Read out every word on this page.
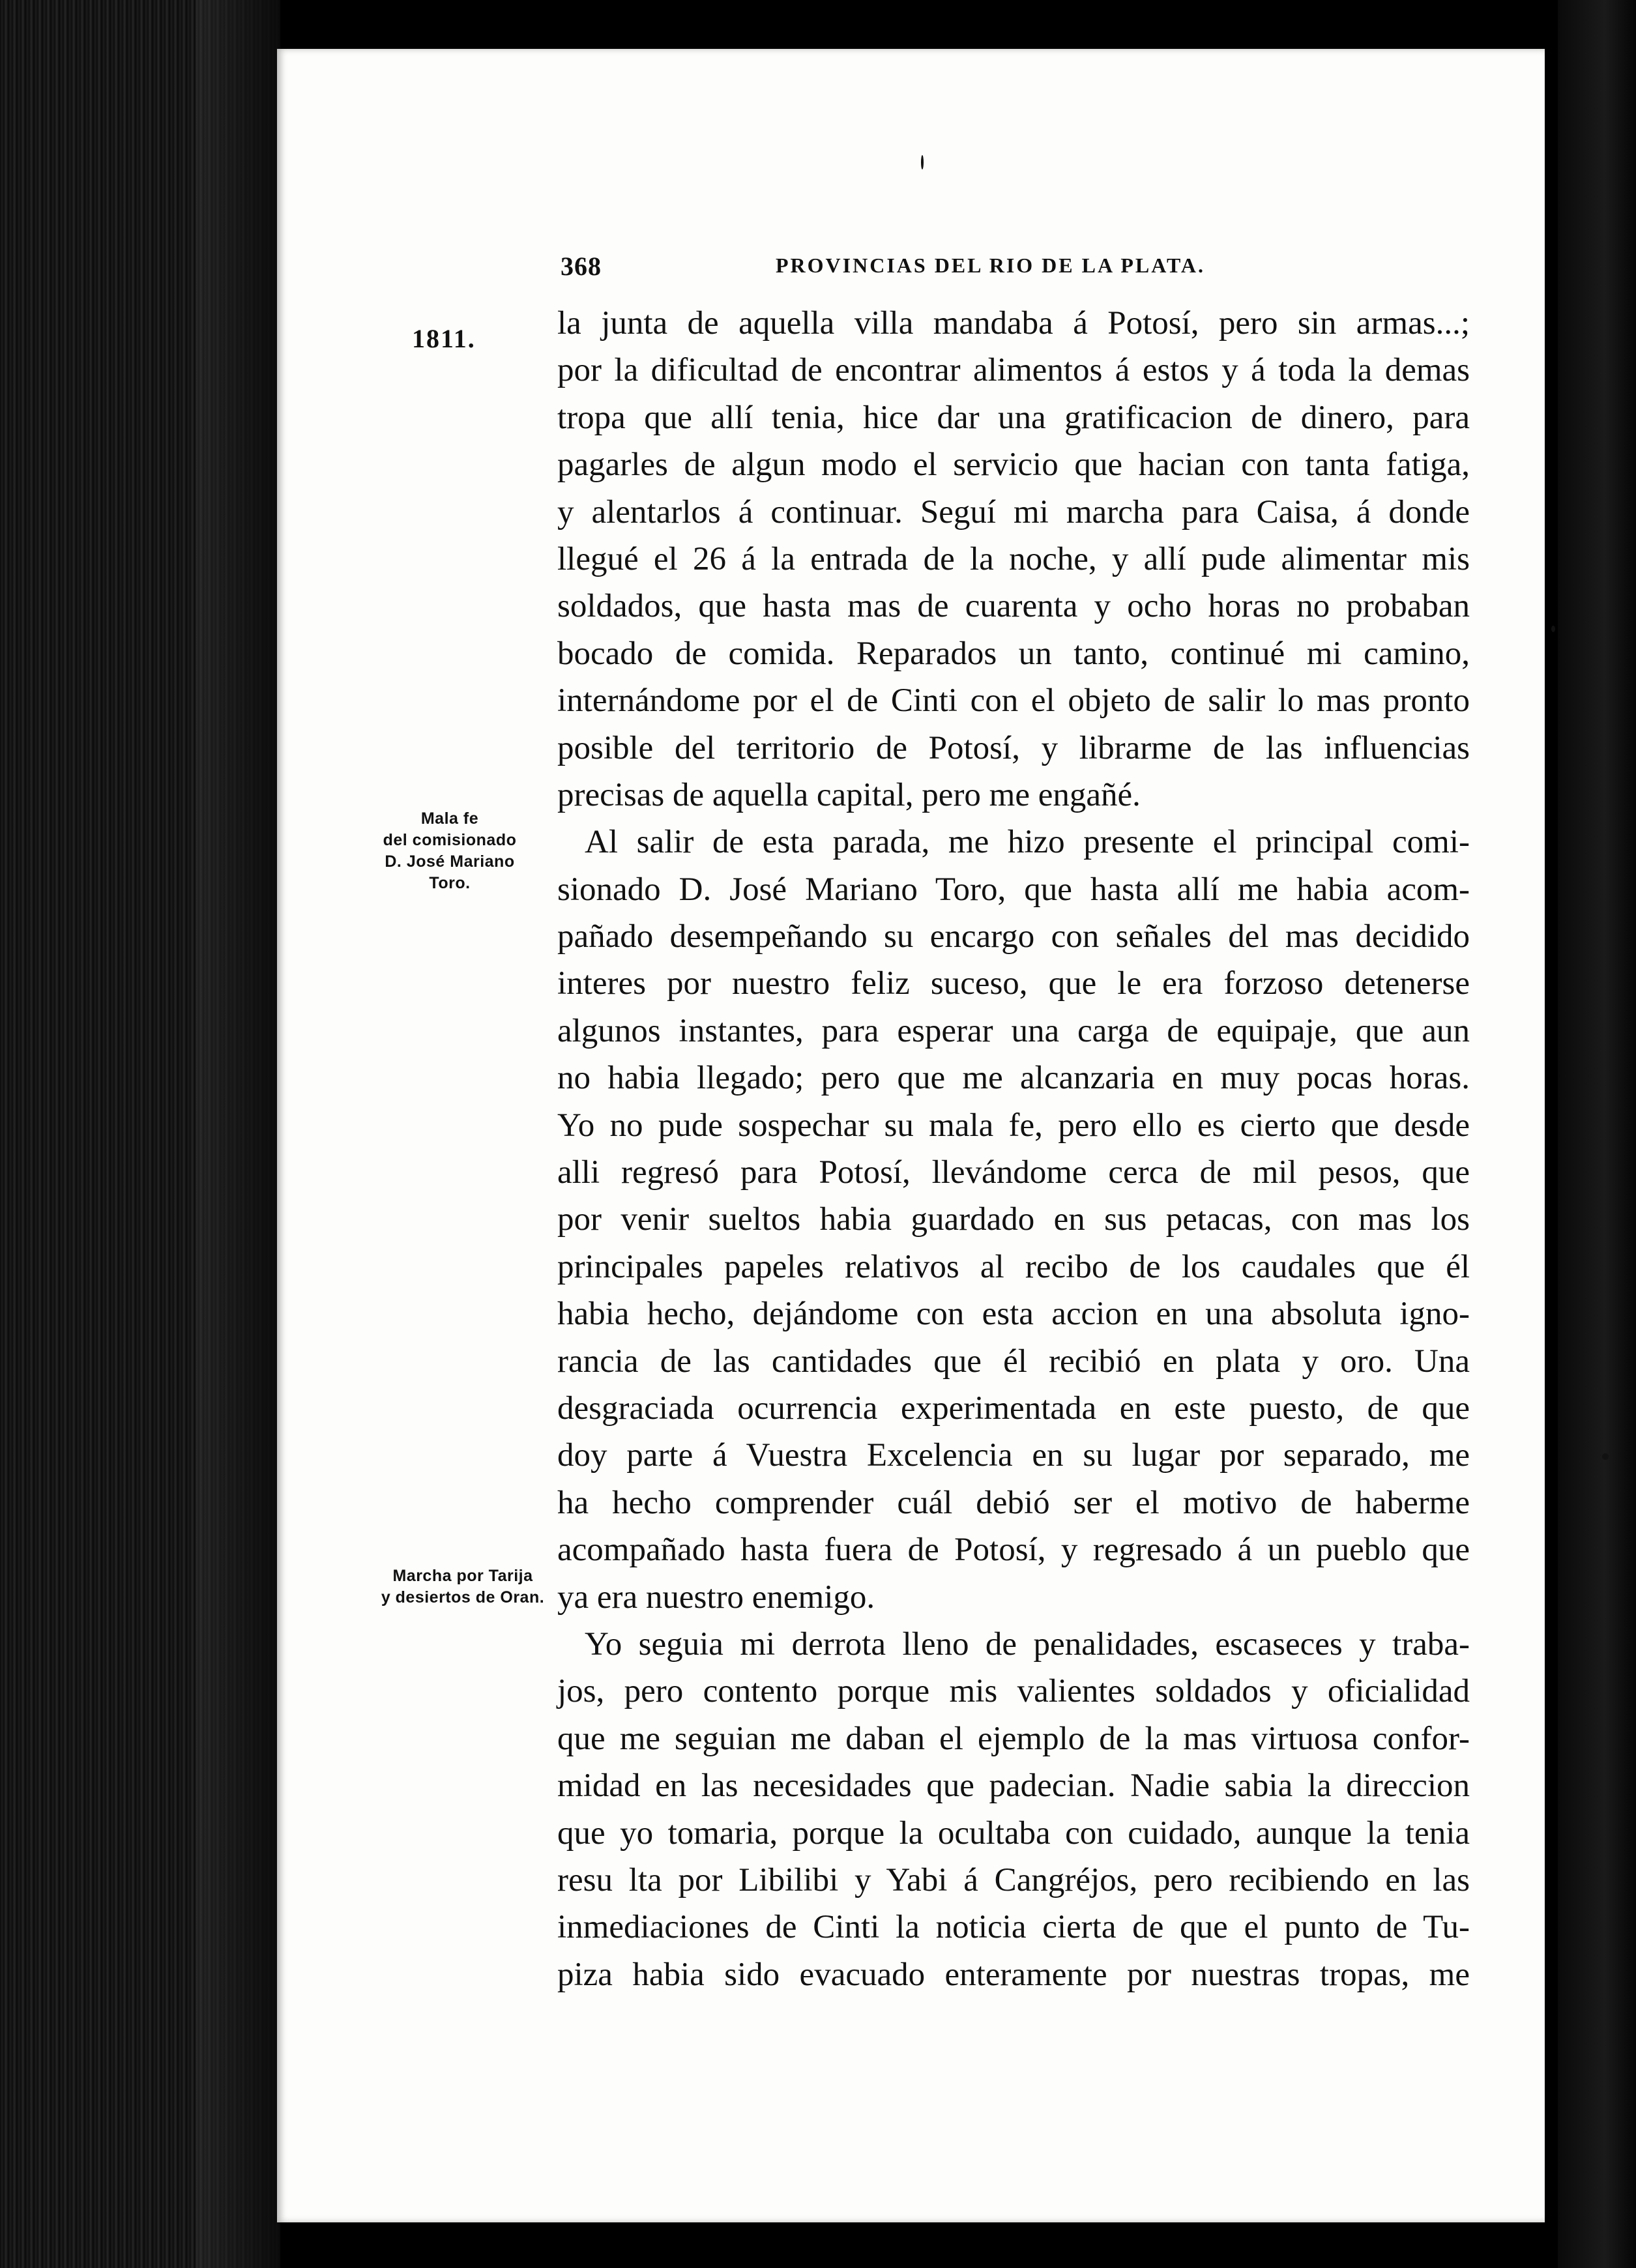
368	PROVINCIAS DEL RIO DE LA PLATA.
1811.
Mala fe
del comisionado
D. José Mariano
Toro.
Marcha por Tarija
y desiertos de Oran.
la junta de aquella villa mandaba á Potosí, pero sin armas...;
por la dificultad de encontrar alimentos á estos y á toda la demas
tropa que allí tenia, hice dar una gratificacion de dinero, para
pagarles de algun modo el servicio que hacian con tanta fatiga,
y alentarlos á continuar. Seguí mi marcha para Caisa, á donde
llegué el 26 á la entrada de la noche, y allí pude alimentar mis
soldados, que hasta mas de cuarenta y ocho horas no probaban
bocado de comida. Reparados un tanto, continué mi camino,
internándome por el de Cinti con el objeto de salir lo mas pronto
posible del territorio de Potosí, y librarme de las influencias
precisas de aquella capital, pero me engañé.
Al salir de esta parada, me hizo presente el principal comi-
sionado D. José Mariano Toro, que hasta allí me habia acom-
pañado desempeñando su encargo con señales del mas decidido
interes por nuestro feliz suceso, que le era forzoso detenerse
algunos instantes, para esperar una carga de equipaje, que aun
no habia llegado; pero que me alcanzaria en muy pocas horas.
Yo no pude sospechar su mala fe, pero ello es cierto que desde
alli regresó para Potosí, llevándome cerca de mil pesos, que
por venir sueltos habia guardado en sus petacas, con mas los
principales papeles relativos al recibo de los caudales que él
habia hecho, dejándome con esta accion en una absoluta igno-
rancia de las cantidades que él recibió en plata y oro. Una
desgraciada ocurrencia experimentada en este puesto, de que
doy parte á Vuestra Excelencia en su lugar por separado, me
ha hecho comprender cuál debió ser el motivo de haberme
acompañado hasta fuera de Potosí, y regresado á un pueblo que
ya era nuestro enemigo.
Yo seguia mi derrota lleno de penalidades, escaseces y traba-
jos, pero contento porque mis valientes soldados y oficialidad
que me seguian me daban el ejemplo de la mas virtuosa confor-
midad en las necesidades que padecian. Nadie sabia la direccion
que yo tomaria, porque la ocultaba con cuidado, aunque la tenia
resu lta por Libilibi y Yabi á Cangréjos, pero recibiendo en las
inmediaciones de Cinti la noticia cierta de que el punto de Tu-
piza habia sido evacuado enteramente por nuestras tropas, me
